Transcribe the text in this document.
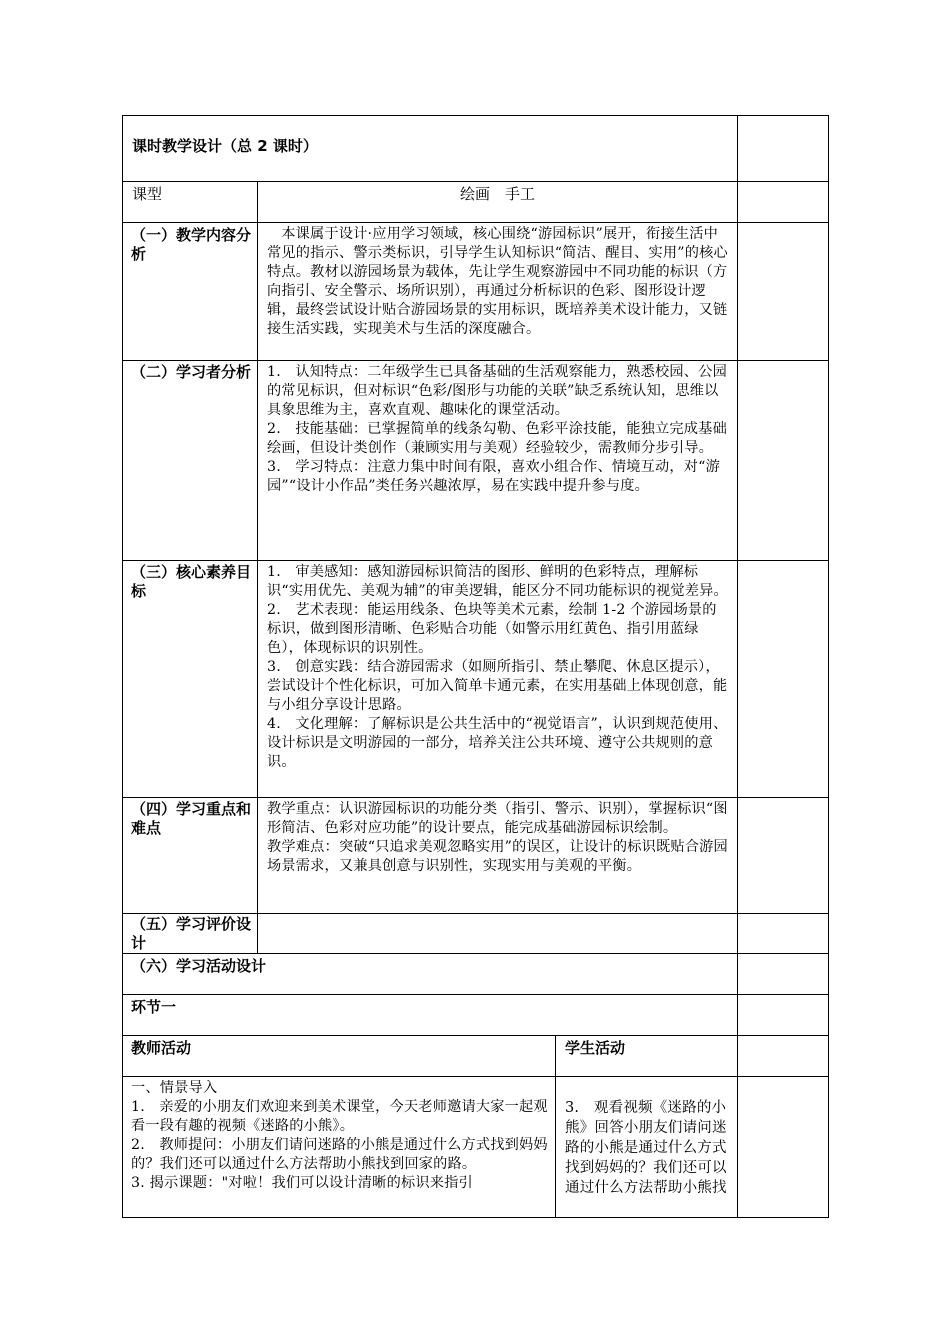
课时教学设计（总 2 课时）
课型	绘画　手工
（一）教学内容分析
本课属于设计·应用学习领域，核心围绕“游园标识”展开，衔接生活中常见的指示、警示类标识，引导学生认知标识“简洁、醒目、实用”的核心特点。教材以游园场景为载体，先让学生观察游园中不同功能的标识（方向指引、安全警示、场所识别），再通过分析标识的色彩、图形设计逻辑，最终尝试设计贴合游园场景的实用标识，既培养美术设计能力，又链接生活实践，实现美术与生活的深度融合。
（二）学习者分析 1.　认知特点：二年级学生已具备基础的生活观察能力，熟悉校园、公园的常见标识，但对标识“色彩/图形与功能的关联”缺乏系统认知，思维以具象思维为主，喜欢直观、趣味化的课堂活动。
2.　技能基础：已掌握简单的线条勾勒、色彩平涂技能，能独立完成基础绘画，但设计类创作（兼顾实用与美观）经验较少，需教师分步引导。
3.　学习特点：注意力集中时间有限，喜欢小组合作、情境互动，对“游园”“设计小作品”类任务兴趣浓厚，易在实践中提升参与度。
（三）核心素养目标
1.　审美感知：感知游园标识简洁的图形、鲜明的色彩特点，理解标识“实用优先、美观为辅”的审美逻辑，能区分不同功能标识的视觉差异。
2.　艺术表现：能运用线条、色块等美术元素，绘制 1-2 个游园场景的标识，做到图形清晰、色彩贴合功能（如警示用红黄色、指引用蓝绿色），体现标识的识别性。
3.　创意实践：结合游园需求（如厕所指引、禁止攀爬、休息区提示），尝试设计个性化标识，可加入简单卡通元素，在实用基础上体现创意，能与小组分享设计思路。
4.　文化理解：了解标识是公共生活中的“视觉语言”，认识到规范使用、设计标识是文明游园的一部分，培养关注公共环境、遵守公共规则的意识。
（四）学习重点和难点
教学重点：认识游园标识的功能分类（指引、警示、识别），掌握标识“图形简洁、色彩对应功能”的设计要点，能完成基础游园标识绘制。
教学难点：突破“只追求美观忽略实用”的误区，让设计的标识既贴合游园场景需求，又兼具创意与识别性，实现实用与美观的平衡。
（五）学习评价设计
（六）学习活动设计
环节一
教师活动	学生活动
一、情景导入
1.　亲爱的小朋友们欢迎来到美术课堂，今天老师邀请大家一起观看一段有趣的视频《迷路的小熊》。
2.　教师提问：小朋友们请问迷路的小熊是通过什么方式找到妈妈的？我们还可以通过什么方法帮助小熊找到回家的路。
3. 揭示课题："对啦！我们可以设计清晰的标识来指引
3.　观看视频《迷路的小熊》回答小朋友们请问迷路的小熊是通过什么方式找到妈妈的？我们还可以通过什么方法帮助小熊找
